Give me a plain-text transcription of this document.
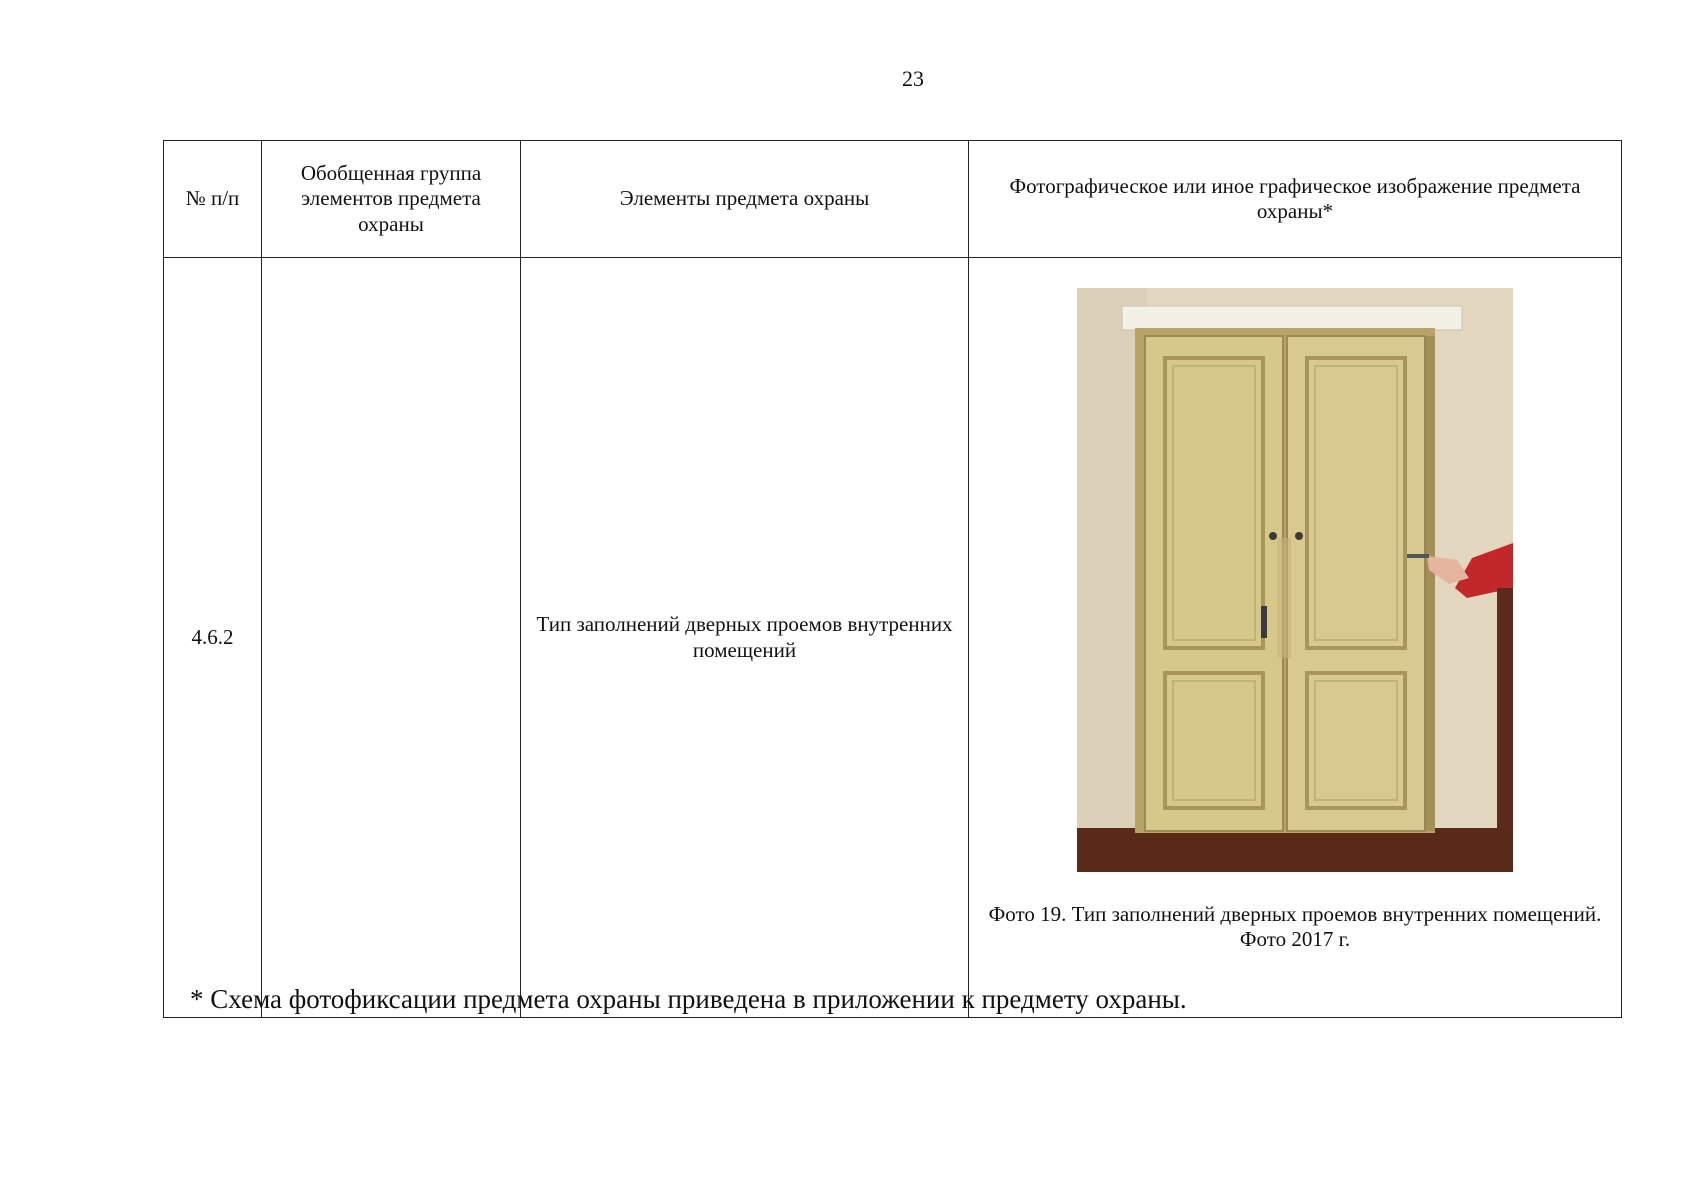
23
№ п/п	Обобщенная группа элементов предмета охраны	Элементы предмета охраны	Фотографическое или иное графическое изображение предмета охраны*
4.6.2		Тип заполнений дверных проемов внутренних помещений	Фото 19. Тип заполнений дверных проемов внутренних помещений. Фото 2017 г.
* Схема фотофиксации предмета охраны приведена в приложении к предмету охраны.
